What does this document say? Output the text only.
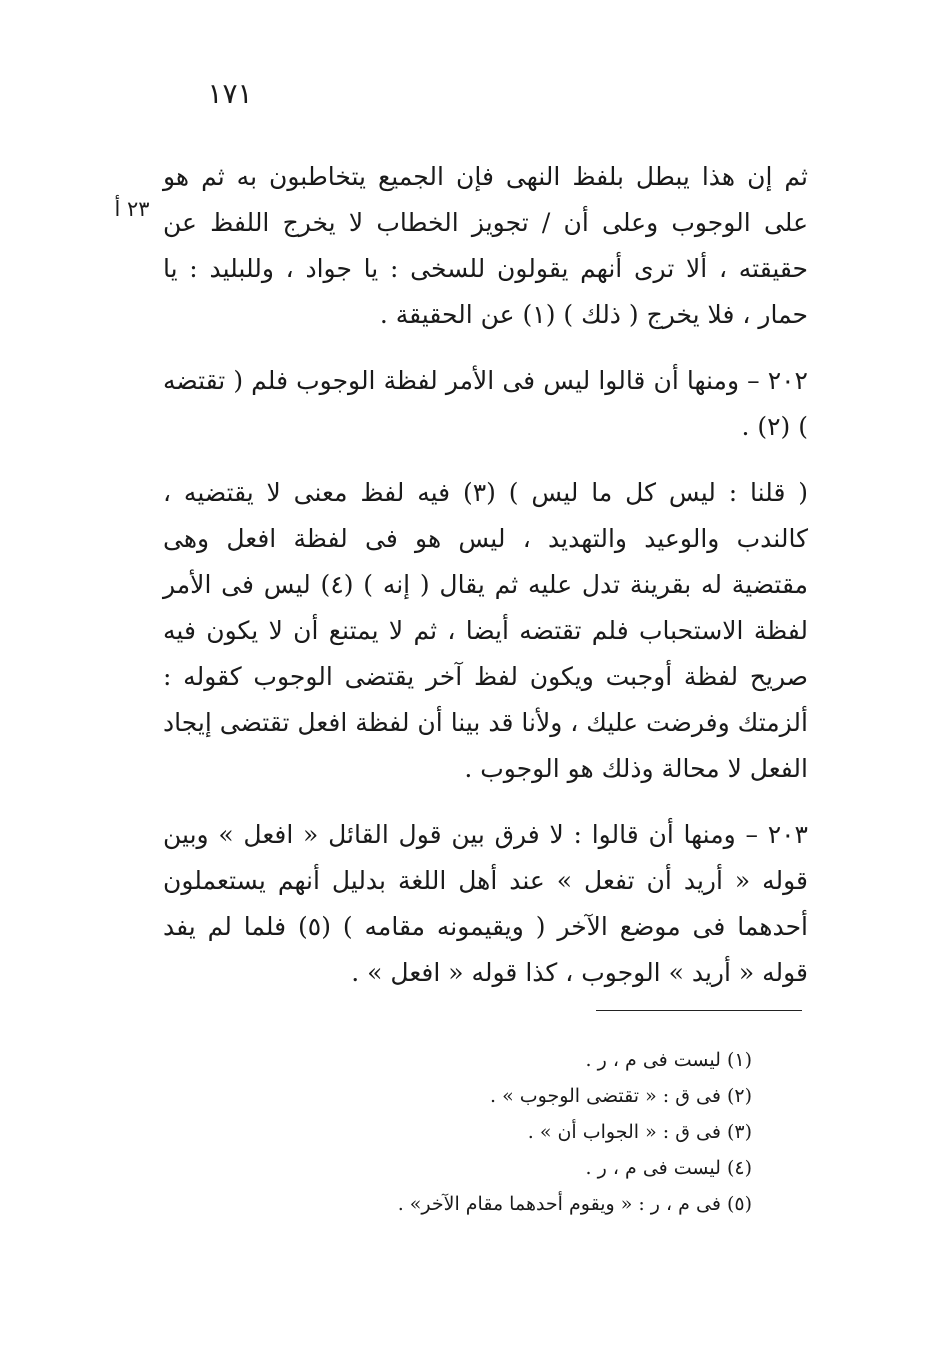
١٧١
٢٣ أ

ثم إن هذا يبطل بلفظ النهى فإن الجميع يتخاطبون به ثم هو على الوجوب وعلى أن / تجويز الخطاب لا يخرج اللفظ عن حقيقته ، ألا ترى أنهم يقولون للسخى : يا جواد ، وللبليد : يا حمار ، فلا يخرج ( ذلك ) (١) عن الحقيقة .

٢٠٢ – ومنها أن قالوا ليس فى الأمر لفظة الوجوب فلم ( تقتضه ) (٢) .

( قلنا : ليس كل ما ليس ) (٣) فيه لفظ معنى لا يقتضيه ، كالندب والوعيد والتهديد ، ليس هو فى لفظة افعل وهى مقتضية له بقرينة تدل عليه ثم يقال ( إنه ) (٤) ليس فى الأمر لفظة الاستحباب فلم تقتضه أيضا ، ثم لا يمتنع أن لا يكون فيه صريح لفظة أوجبت ويكون لفظ آخر يقتضى الوجوب كقوله : ألزمتك وفرضت عليك ، ولأنا قد بينا أن لفظة افعل تقتضى إيجاد الفعل لا محالة وذلك هو الوجوب .

٢٠٣ – ومنها أن قالوا : لا فرق بين قول القائل « افعل » وبين قوله « أريد أن تفعل » عند أهل اللغة بدليل أنهم يستعملون أحدهما فى موضع الآخر ( ويقيمونه مقامه ) (٥) فلما لم يفد قوله « أريد » الوجوب ، كذا قوله « افعل » .

(١) ليست فى م ، ر .
(٢) فى ق : « تقتضى الوجوب » .
(٣) فى ق : « الجواب أن » .
(٤) ليست فى م ، ر .
(٥) فى م ، ر : « ويقوم أحدهما مقام الآخر» .
